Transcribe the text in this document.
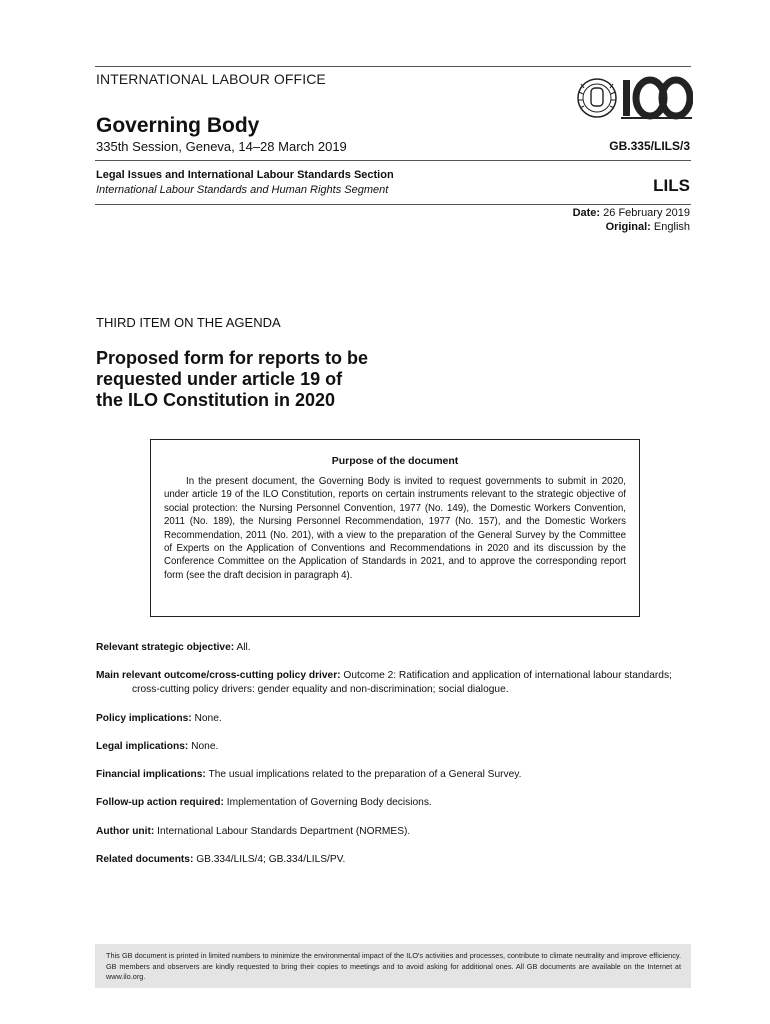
INTERNATIONAL LABOUR OFFICE
Governing Body
335th Session, Geneva, 14–28 March 2019	GB.335/LILS/3
Legal Issues and International Labour Standards Section
International Labour Standards and Human Rights Segment	LILS
Date: 26 February 2019
Original: English
THIRD ITEM ON THE AGENDA
Proposed form for reports to be
requested under article 19 of
the ILO Constitution in 2020
Purpose of the document
In the present document, the Governing Body is invited to request governments to submit in 2020, under article 19 of the ILO Constitution, reports on certain instruments relevant to the strategic objective of social protection: the Nursing Personnel Convention, 1977 (No. 149), the Domestic Workers Convention, 2011 (No. 189), the Nursing Personnel Recommendation, 1977 (No. 157), and the Domestic Workers Recommendation, 2011 (No. 201), with a view to the preparation of the General Survey by the Committee of Experts on the Application of Conventions and Recommendations in 2020 and its discussion by the Conference Committee on the Application of Standards in 2021, and to approve the corresponding report form (see the draft decision in paragraph 4).
Relevant strategic objective: All.
Main relevant outcome/cross-cutting policy driver: Outcome 2: Ratification and application of international labour standards; cross-cutting policy drivers: gender equality and non-discrimination; social dialogue.
Policy implications: None.
Legal implications: None.
Financial implications: The usual implications related to the preparation of a General Survey.
Follow-up action required: Implementation of Governing Body decisions.
Author unit: International Labour Standards Department (NORMES).
Related documents: GB.334/LILS/4; GB.334/LILS/PV.
This GB document is printed in limited numbers to minimize the environmental impact of the ILO's activities and processes, contribute to climate neutrality and improve efficiency. GB members and observers are kindly requested to bring their copies to meetings and to avoid asking for additional ones. All GB documents are available on the Internet at www.ilo.org.
